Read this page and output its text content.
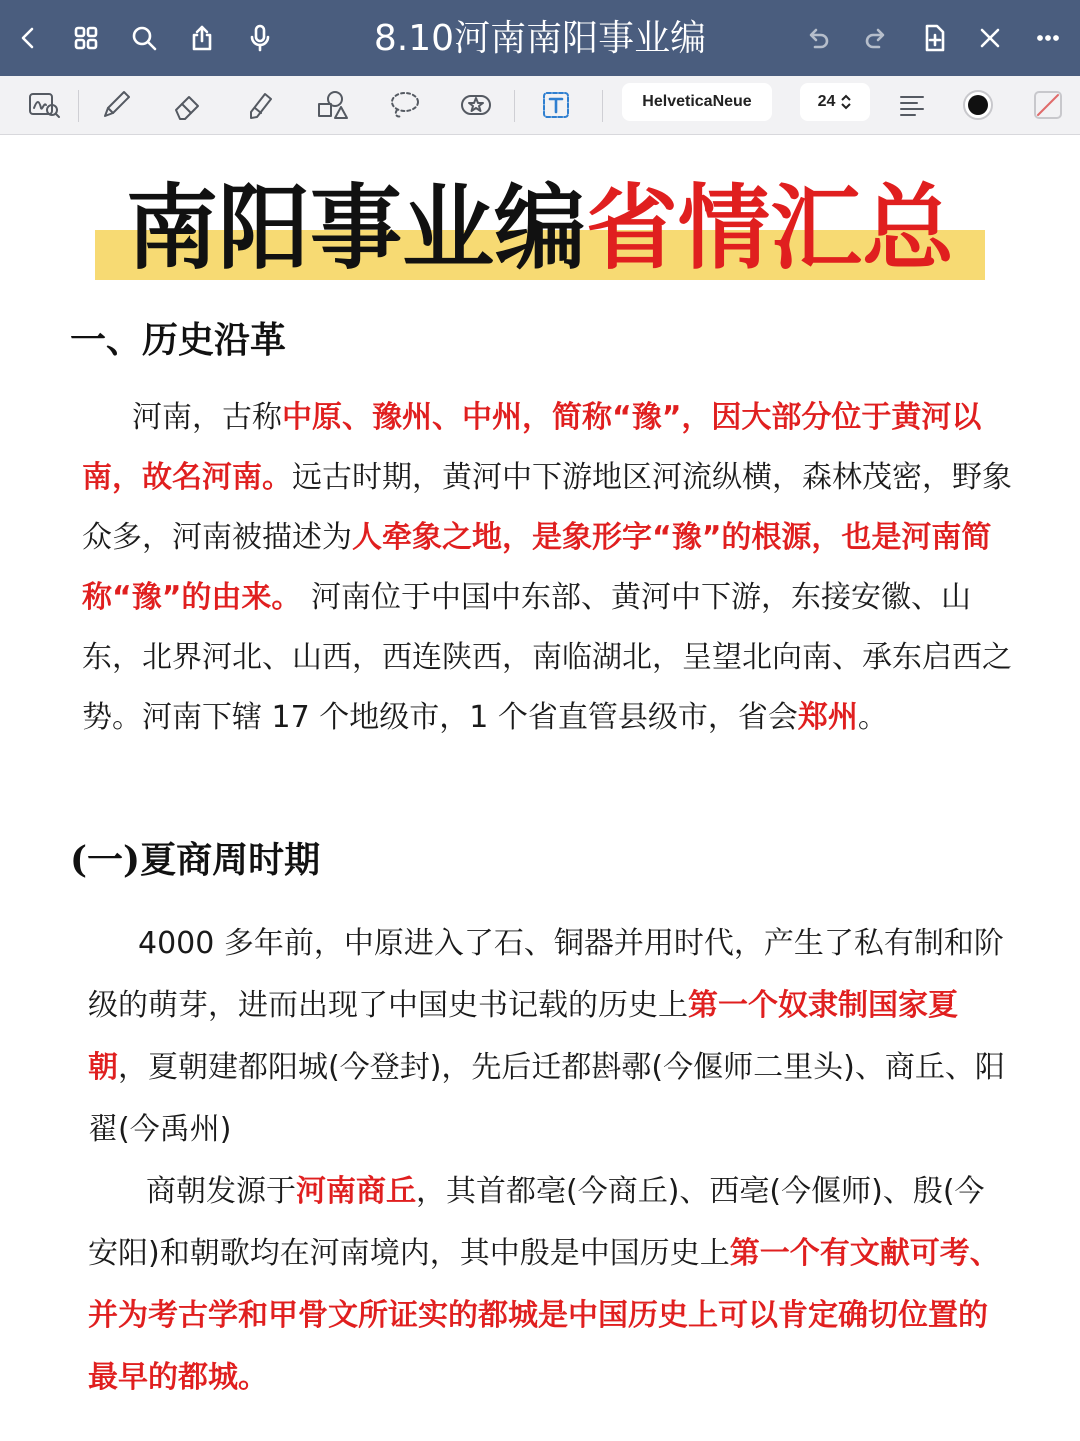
8.10河南南阳事业编
HelveticaNeue	24
南阳事业编省情汇总
一、历史沿革
河南，古称中原、豫州、中州，简称“豫”，因大部分位于黄河以南，故名河南。远古时期，黄河中下游地区河流纵横，森林茂密，野象众多，河南被描述为人牵象之地，是象形字“豫”的根源，也是河南简称“豫”的由来。 河南位于中国中东部、黄河中下游，东接安徽、山东，北界河北、山西，西连陕西，南临湖北，呈望北向南、承东启西之势。河南下辖 17 个地级市，1 个省直管县级市，省会郑州。
(一)夏商周时期
4000 多年前，中原进入了石、铜器并用时代，产生了私有制和阶级的萌芽，进而出现了中国史书记载的历史上第一个奴隶制国家夏朝，夏朝建都阳城(今登封)，先后迁都斟鄩(今偃师二里头)、商丘、阳翟(今禹州)
商朝发源于河南商丘，其首都亳(今商丘)、西亳(今偃师)、殷(今安阳)和朝歌均在河南境内，其中殷是中国历史上第一个有文献可考、并为考古学和甲骨文所证实的都城是中国历史上可以肯定确切位置的最早的都城。
